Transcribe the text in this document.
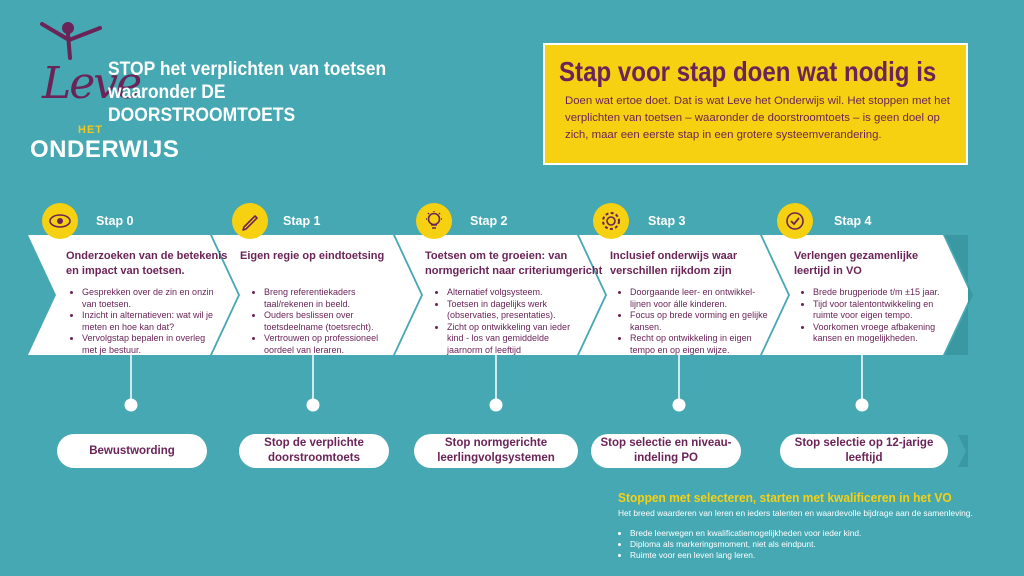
Leve
HET
ONDERWIJS
STOP het verplichten van toetsen
waaronder DE DOORSTROOMTOETS
Stap voor stap doen wat nodig is

Doen wat ertoe doet. Dat is wat Leve het Onderwijs wil. Het stoppen met het verplichten van toetsen – waaronder de doorstroomtoets – is geen doel op zich, maar een eerste stap in een grotere systeemverandering.

Stap 0
Onderzoeken van de betekenis
en impact van toetsen.
• Gesprekken over de zin en onzin van toetsen.
• Inzicht in alternatieven: wat wil je meten en hoe kan dat?
• Vervolgstap bepalen in overleg met je bestuur.
Bewustwording
Stap 1
Eigen regie op eindtoetsing
• Breng referentiekaders taal/rekenen in beeld.
• Ouders beslissen over toetsdeelname (toetsrecht).
• Vertrouwen op professioneel oordeel van leraren.
Stop de verplichte doorstroomtoets
Stap 2
Toetsen om te groeien: van
normgericht naar criteriumgericht
• Alternatief volgsysteem.
• Toetsen in dagelijks werk (observaties, presentaties).
• Zicht op ontwikkeling van ieder kind - los van gemiddelde jaarnorm of leeftijd
Stop normgerichte leerlingvolgsystemen
Stap 3
Inclusief onderwijs waar
verschillen rijkdom zijn
• Doorgaande leer- en ontwikkel-lijnen voor álle kinderen.
• Focus op brede vorming en gelijke kansen.
• Recht op ontwikkeling in eigen tempo en op eigen wijze.
Stop selectie en niveau-indeling PO
Stap 4
Verlengen gezamenlijke
leertijd in VO
• Brede brugperiode t/m ±15 jaar.
• Tijd voor talentontwikkeling en ruimte voor eigen tempo.
• Voorkomen vroege afbakening kansen en mogelijkheden.
Stop selectie op 12-jarige leeftijd
Stoppen met selecteren, starten met kwalificeren in het VO
Het breed waarderen van leren en ieders talenten en waardevolle bijdrage aan de samenleving.
• Brede leerwegen en kwalificatiemogelijkheden voor ieder kind.
• Diploma als markeringsmoment, niet als eindpunt.
• Ruimte voor een leven lang leren.
